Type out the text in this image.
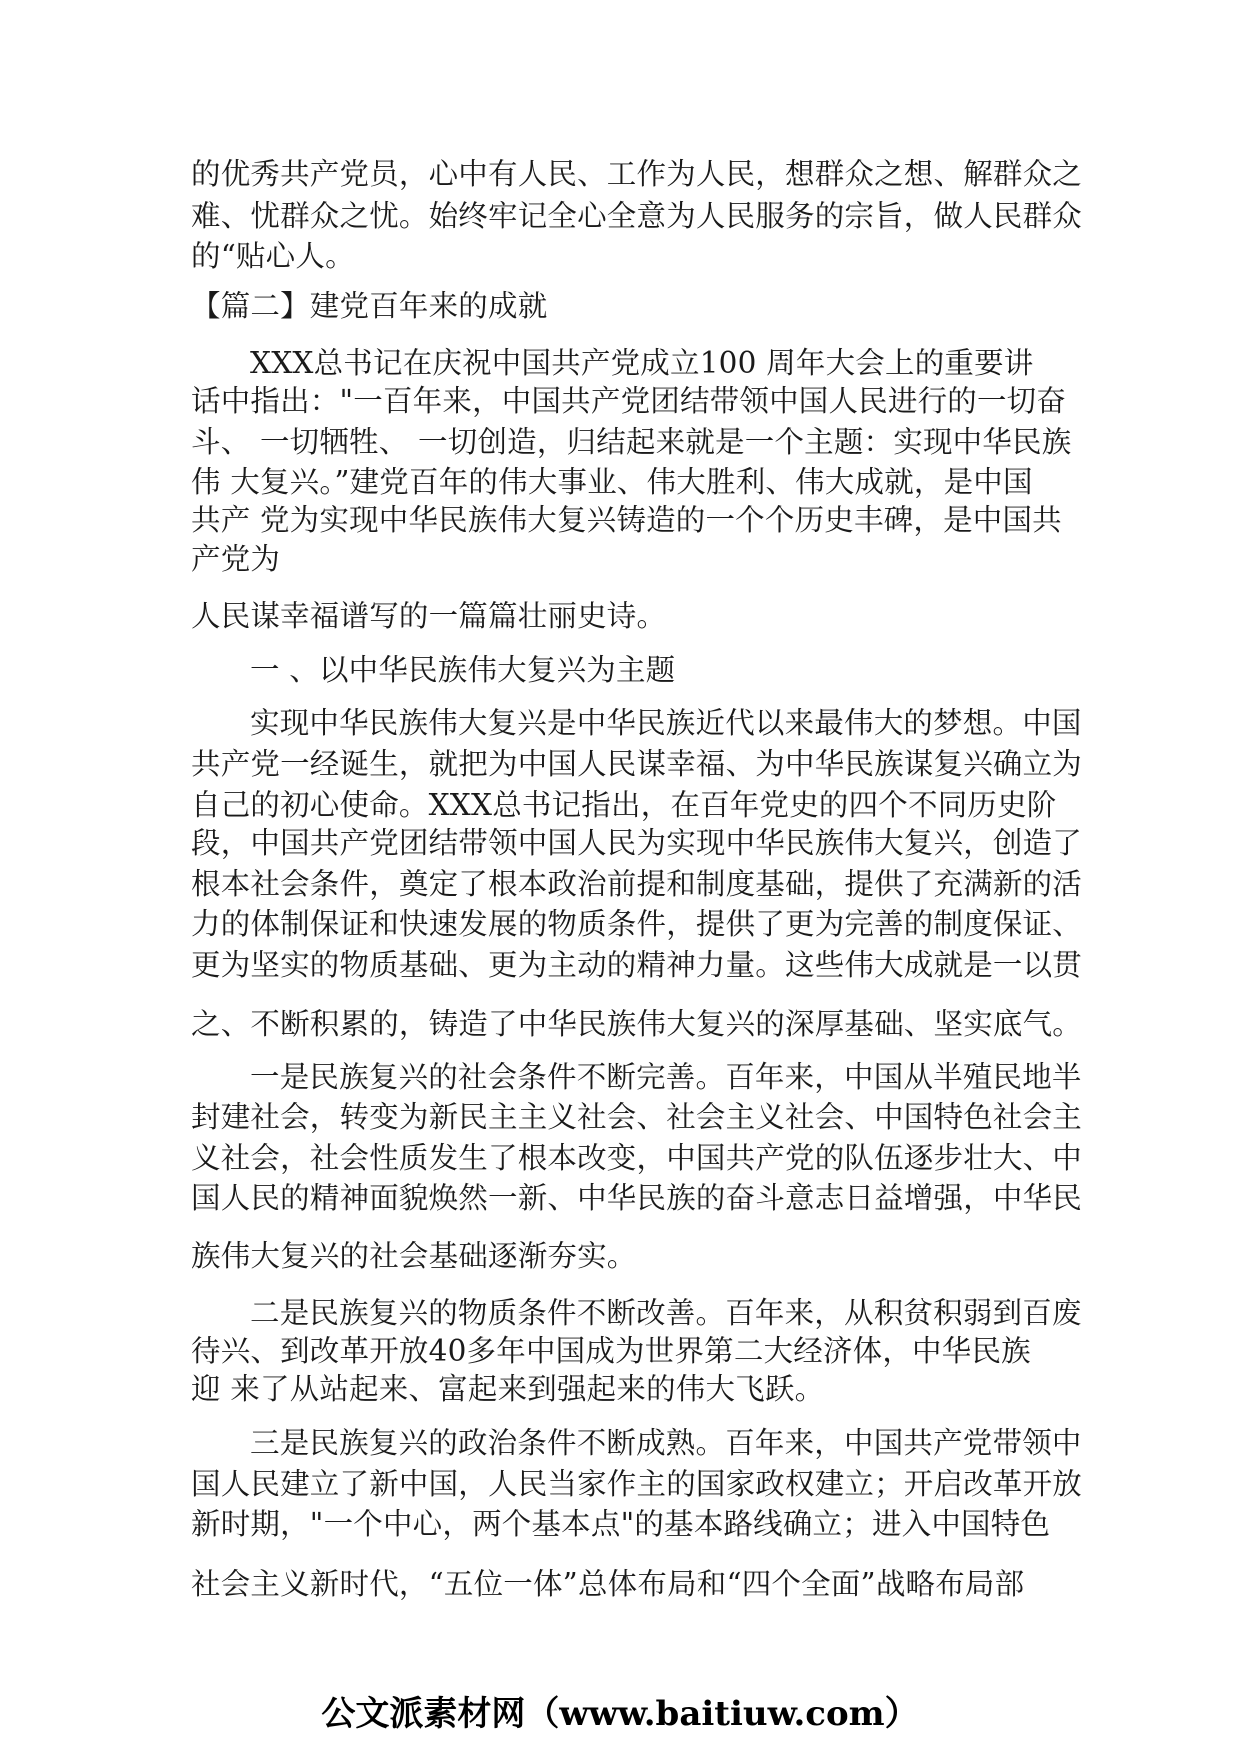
的优秀共产党员，心中有人民、工作为人民，想群众之想、解群众之
难、忧群众之忧。始终牢记全心全意为人民服务的宗旨，做人民群众
的“贴心人。
【篇二】建党百年来的成就
XXX总书记在庆祝中国共产党成立100 周年大会上的重要讲
话中指出："一百年来，中国共产党团结带领中国人民进行的一切奋
斗、 一切牺牲、 一切创造，归结起来就是一个主题：实现中华民族
伟 大复兴。”建党百年的伟大事业、伟大胜利、伟大成就，是中国
共产 党为实现中华民族伟大复兴铸造的一个个历史丰碑，是中国共
产党为
人民谋幸福谱写的一篇篇壮丽史诗。
一 、以中华民族伟大复兴为主题
实现中华民族伟大复兴是中华民族近代以来最伟大的梦想。中国
共产党一经诞生，就把为中国人民谋幸福、为中华民族谋复兴确立为
自己的初心使命。XXX总书记指出，在百年党史的四个不同历史阶
段，中国共产党团结带领中国人民为实现中华民族伟大复兴，创造了
根本社会条件，奠定了根本政治前提和制度基础，提供了充满新的活
力的体制保证和快速发展的物质条件，提供了更为完善的制度保证、
更为坚实的物质基础、更为主动的精神力量。这些伟大成就是一以贯
之、不断积累的，铸造了中华民族伟大复兴的深厚基础、坚实底气。
一是民族复兴的社会条件不断完善。百年来，中国从半殖民地半
封建社会，转变为新民主主义社会、社会主义社会、中国特色社会主
义社会，社会性质发生了根本改变，中国共产党的队伍逐步壮大、中
国人民的精神面貌焕然一新、中华民族的奋斗意志日益增强，中华民
族伟大复兴的社会基础逐渐夯实。
二是民族复兴的物质条件不断改善。百年来，从积贫积弱到百废
待兴、到改革开放40多年中国成为世界第二大经济体，中华民族
迎 来了从站起来、富起来到强起来的伟大飞跃。
三是民族复兴的政治条件不断成熟。百年来，中国共产党带领中
国人民建立了新中国，人民当家作主的国家政权建立；开启改革开放
新时期，"一个中心，两个基本点"的基本路线确立；进入中国特色
社会主义新时代，“五位一体”总体布局和“四个全面”战略布局部
公文派素材网（www.baitiuw.com）
